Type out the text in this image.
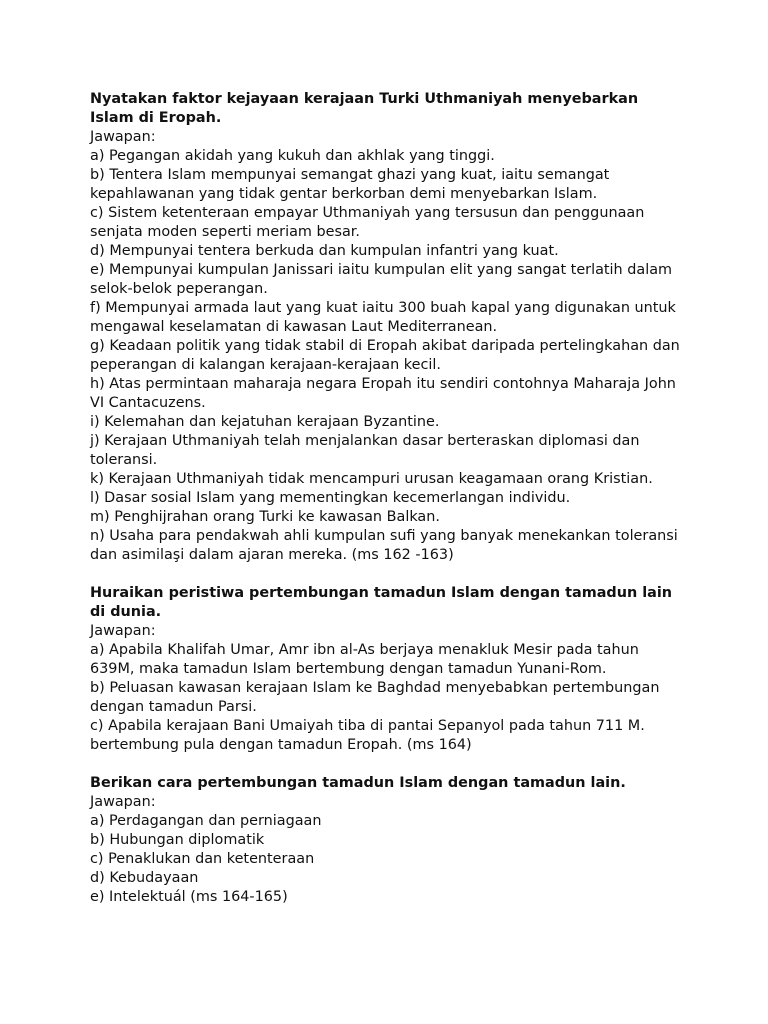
Nyatakan faktor kejayaan kerajaan Turki Uthmaniyah menyebarkan Islam di Eropah.

Jawapan:

a) Pegangan akidah yang kukuh dan akhlak yang tinggi.

b) Tentera Islam mempunyai semangat ghazi yang kuat, iaitu semangat kepahlawanan yang tidak gentar berkorban demi menyebarkan Islam.

c) Sistem ketenteraan empayar Uthmaniyah yang tersusun dan penggunaan senjata moden seperti meriam besar.

d) Mempunyai tentera berkuda dan kumpulan infantri yang kuat.

e) Mempunyai kumpulan Janissari iaitu kumpulan elit yang sangat terlatih dalam selok-belok peperangan.

f) Mempunyai armada laut yang kuat iaitu 300 buah kapal yang digunakan untuk mengawal keselamatan di kawasan Laut Mediterranean.

g) Keadaan politik yang tidak stabil di Eropah akibat daripada pertelingkahan dan peperangan di kalangan kerajaan-kerajaan kecil.

h) Atas permintaan maharaja negara Eropah itu sendiri contohnya Maharaja John VI Cantacuzens.

i) Kelemahan dan kejatuhan kerajaan Byzantine.

j) Kerajaan Uthmaniyah telah menjalankan dasar berteraskan diplomasi dan toleransi.

k) Kerajaan Uthmaniyah tidak mencampuri urusan keagamaan orang Kristian.

l) Dasar sosial Islam yang mementingkan kecemerlangan individu.

m) Penghijrahan orang Turki ke kawasan Balkan.

n) Usaha para pendakwah ahli kumpulan sufi yang banyak menekankan toleransi dan asimilaşi dalam ajaran mereka. (ms 162 -163)

Huraikan peristiwa pertembungan tamadun Islam dengan tamadun lain di dunia.

Jawapan:

a) Apabila Khalifah Umar, Amr ibn al-As berjaya menakluk Mesir pada tahun 639M, maka tamadun Islam bertembung dengan tamadun Yunani-Rom.

b) Peluasan kawasan kerajaan Islam ke Baghdad menyebabkan pertembungan dengan tamadun Parsi.

c) Apabila kerajaan Bani Umaiyah tiba di pantai Sepanyol pada tahun 711 M. bertembung pula dengan tamadun Eropah. (ms 164)

Berikan cara pertembungan tamadun Islam dengan tamadun lain.

Jawapan:

a) Perdagangan dan perniagaan

b) Hubungan diplomatik

c) Penaklukan dan ketenteraan

d) Kebudayaan

e) Intelektuál (ms 164-165)
